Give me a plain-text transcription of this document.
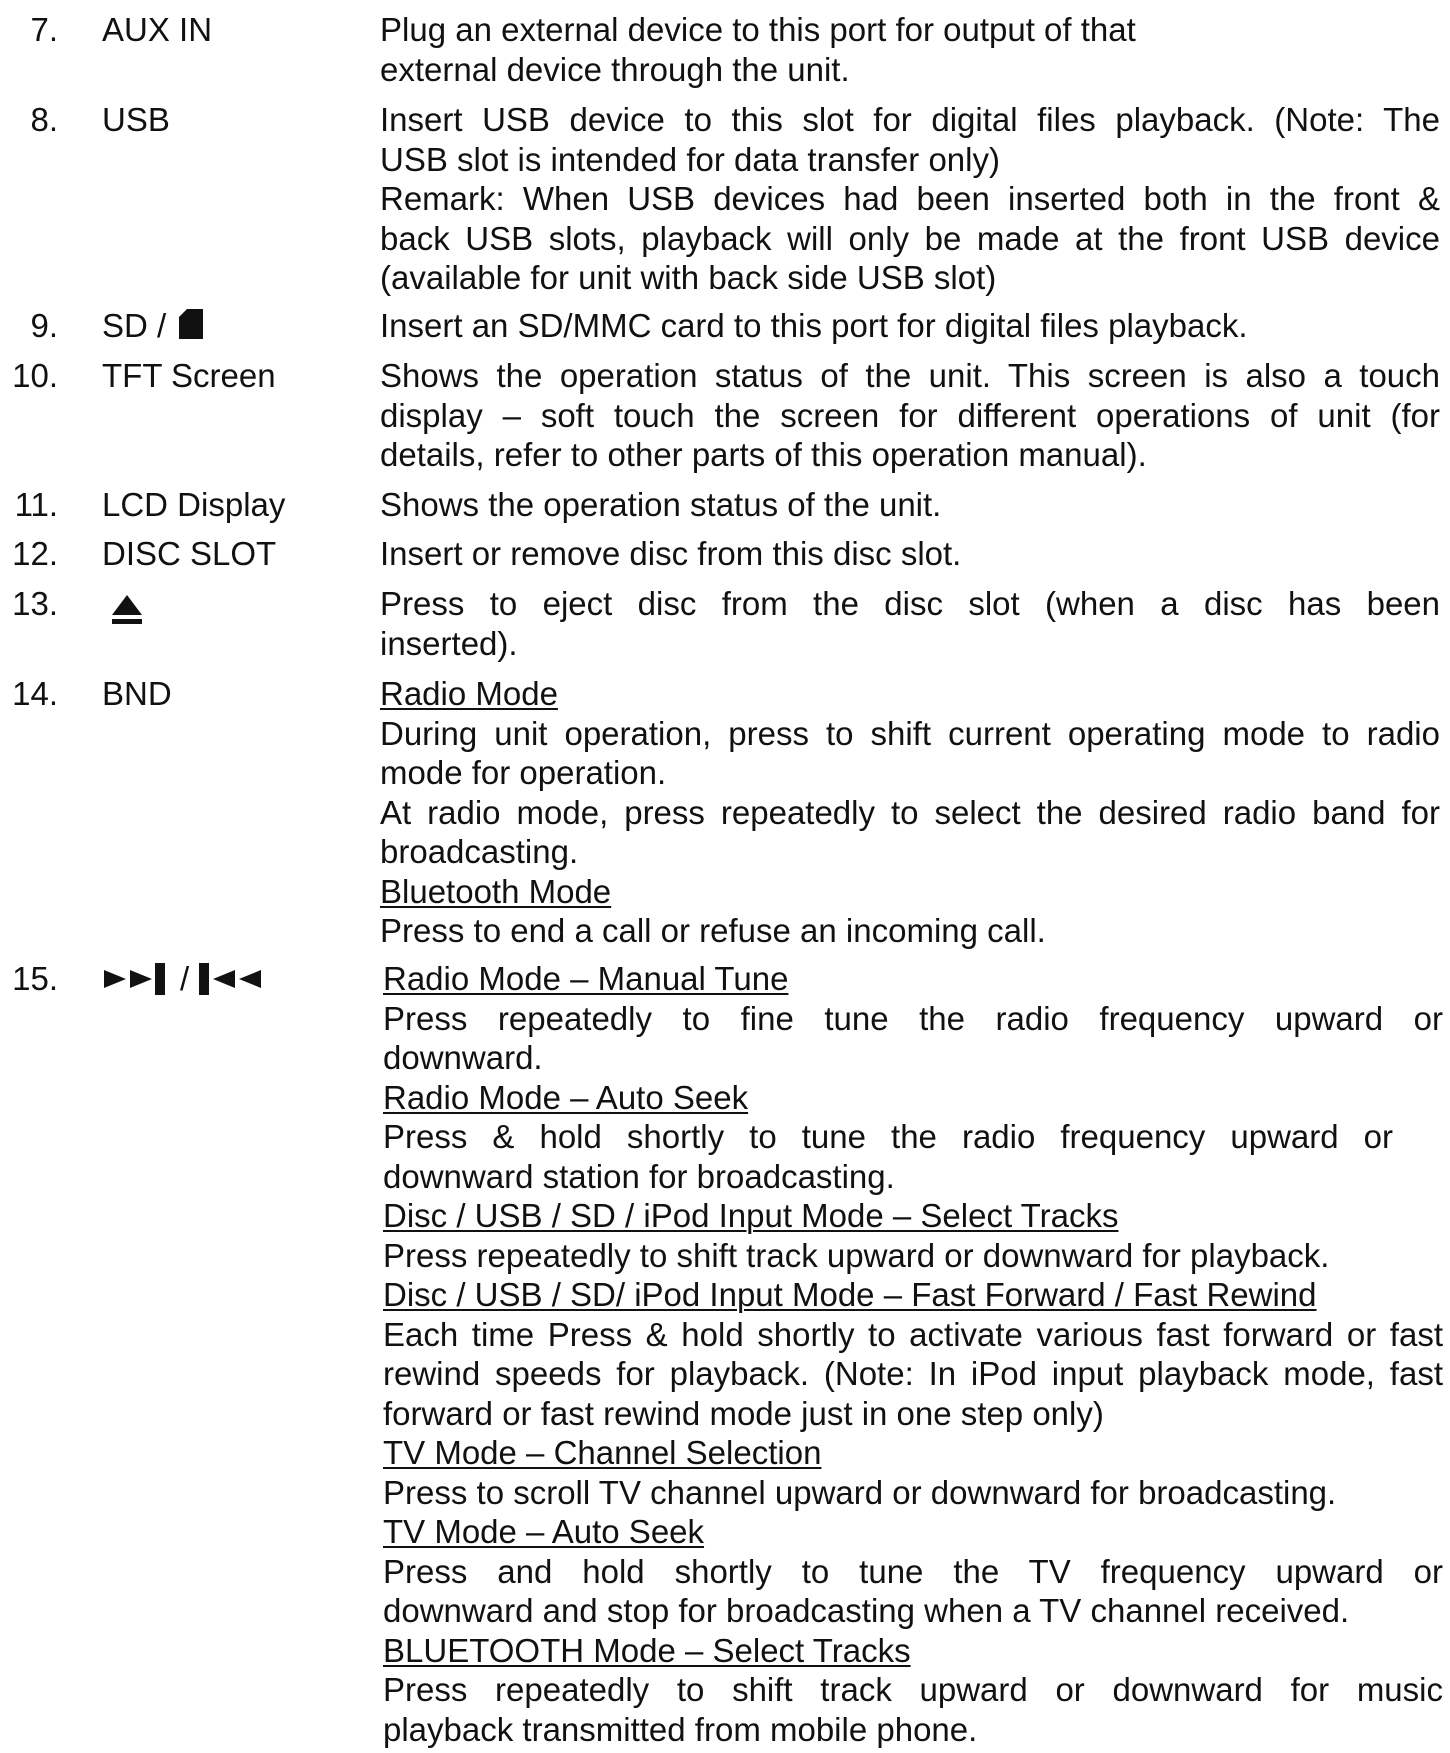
7. AUX IN	Plug an external device to this port for output of that
external device through the unit.
8. USB	Insert USB device to this slot for digital files playback. (Note: The
USB slot is intended for data transfer only)
Remark: When USB devices had been inserted both in the front &
back USB slots, playback will only be made at the front USB device
(available for unit with back side USB slot)
9. SD /	Insert an SD/MMC card to this port for digital files playback.
10. TFT Screen	Shows the operation status of the unit. This screen is also a touch
display – soft touch the screen for different operations of unit (for
details, refer to other parts of this operation manual).
11. LCD Display	Shows the operation status of the unit.
12. DISC SLOT	Insert or remove disc from this disc slot.
13.	Press to eject disc from the disc slot (when a disc has been
inserted).
14. BND	Radio Mode
During unit operation, press to shift current operating mode to radio
mode for operation.
At radio mode, press repeatedly to select the desired radio band for
broadcasting.
Bluetooth Mode
Press to end a call or refuse an incoming call.
15.	/	Radio Mode – Manual Tune
Press repeatedly to fine tune the radio frequency upward or
downward.
Radio Mode – Auto Seek
Press & hold shortly to tune the radio frequency upward or
downward station for broadcasting.
Disc / USB / SD / iPod Input Mode – Select Tracks
Press repeatedly to shift track upward or downward for playback.
Disc / USB / SD/ iPod Input Mode – Fast Forward / Fast Rewind
Each time Press & hold shortly to activate various fast forward or fast
rewind speeds for playback. (Note: In iPod input playback mode, fast
forward or fast rewind mode just in one step only)
TV Mode – Channel Selection
Press to scroll TV channel upward or downward for broadcasting.
TV Mode – Auto Seek
Press and hold shortly to tune the TV frequency upward or
downward and stop for broadcasting when a TV channel received.
BLUETOOTH Mode – Select Tracks
Press repeatedly to shift track upward or downward for music
playback transmitted from mobile phone.
